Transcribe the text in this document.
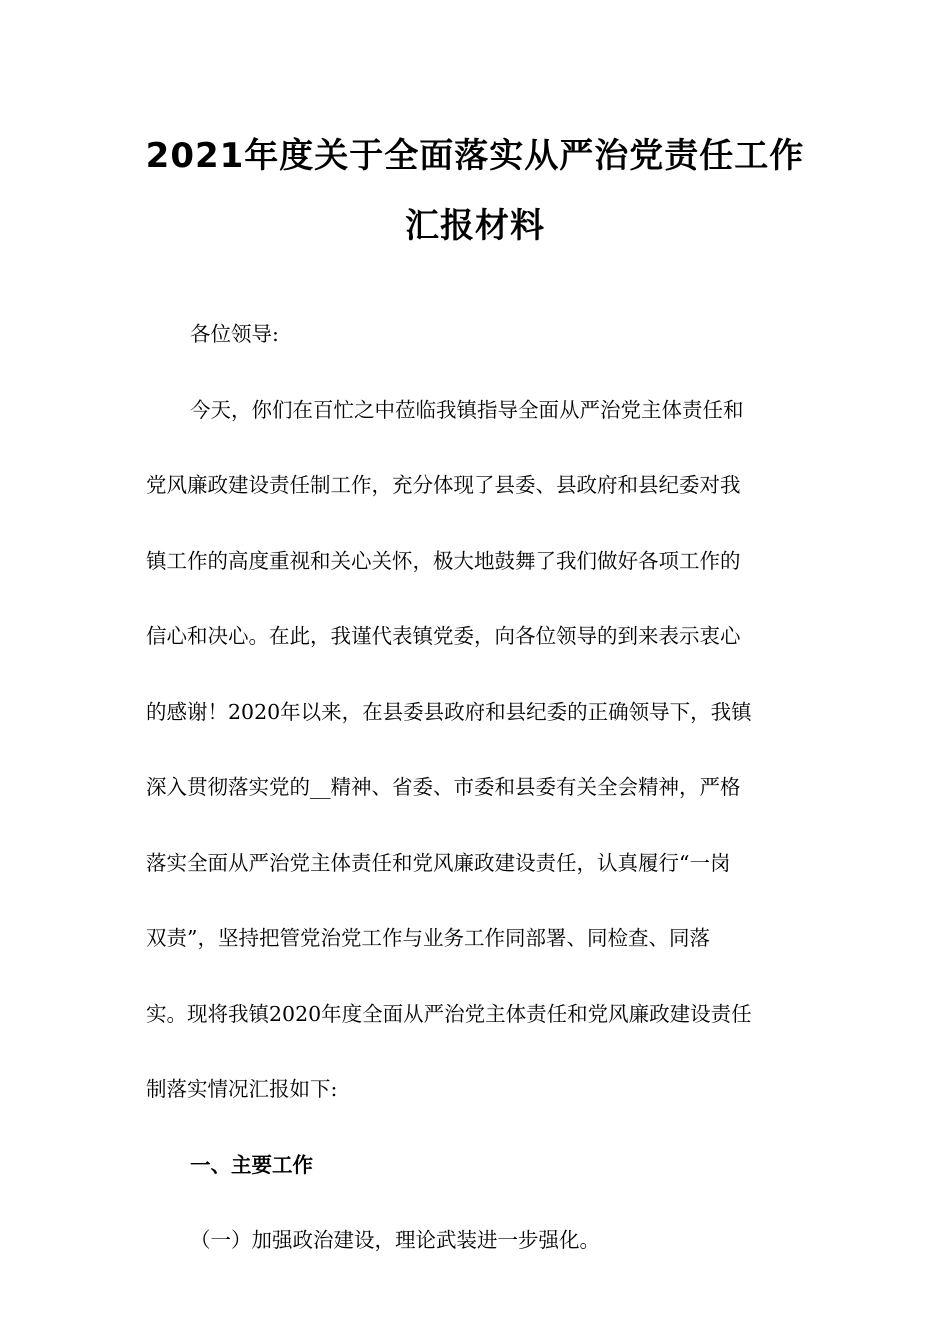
2021年度关于全面落实从严治党责任工作
汇报材料
各位领导:
今天，你们在百忙之中莅临我镇指导全面从严治党主体责任和
党风廉政建设责任制工作，充分体现了县委、县政府和县纪委对我
镇工作的高度重视和关心关怀，极大地鼓舞了我们做好各项工作的
信心和决心。在此，我谨代表镇党委，向各位领导的到来表示衷心
的感谢！2020年以来，在县委县政府和县纪委的正确领导下，我镇
深入贯彻落实党的__精神、省委、市委和县委有关全会精神，严格
落实全面从严治党主体责任和党风廉政建设责任，认真履行“一岗
双责”，坚持把管党治党工作与业务工作同部署、同检查、同落
实。现将我镇2020年度全面从严治党主体责任和党风廉政建设责任
制落实情况汇报如下:
一、主要工作
（一）加强政治建设，理论武装进一步强化。
